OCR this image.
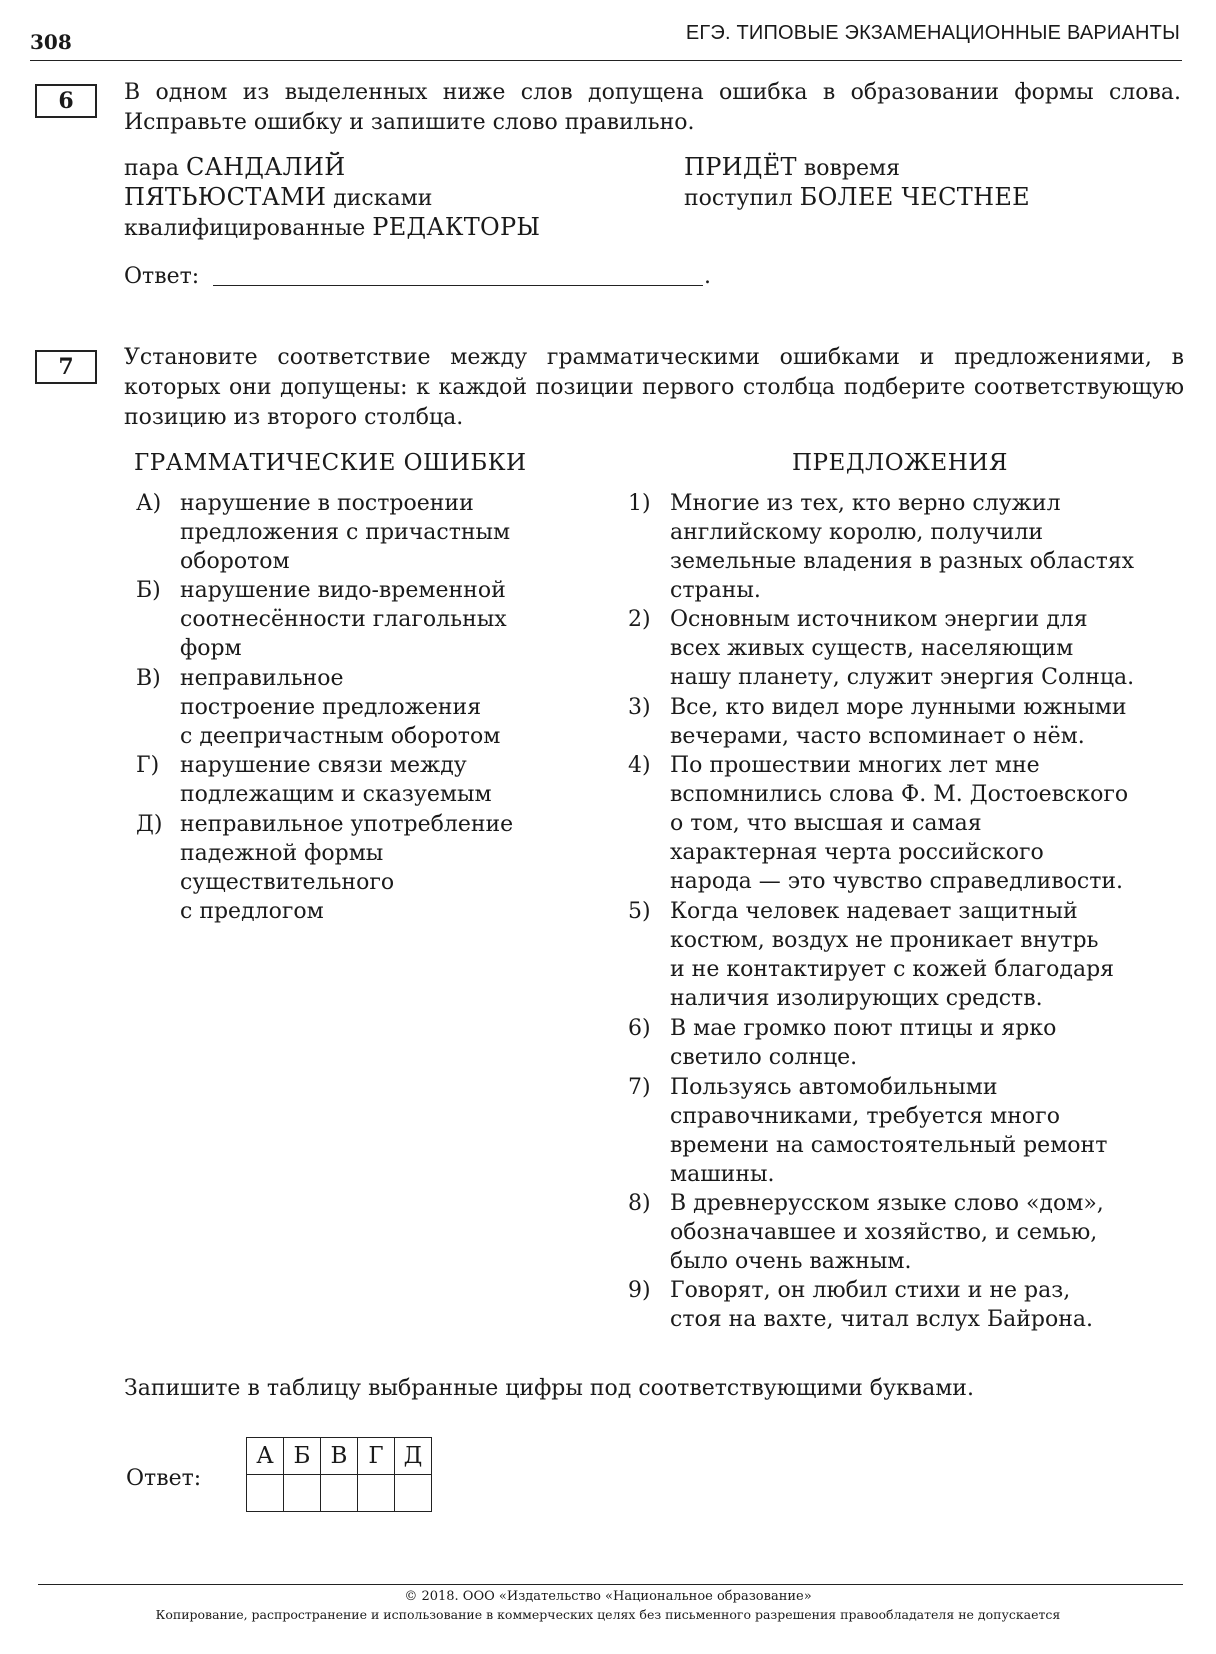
308	ЕГЭ. ТИПОВЫЕ ЭКЗАМЕНАЦИОННЫЕ ВАРИАНТЫ
6	В одном из выделенных ниже слов допущена ошибка в образовании формы слова. Исправьте ошибку и запишите слово правильно.
пара САНДАЛИЙ
ПЯТЬЮСТАМИ дисками
квалифицированные РЕДАКТОРЫ
ПРИДЁТ вовремя
поступил БОЛЕЕ ЧЕСТНЕЕ
Ответ:	.
7	Установите соответствие между грамматическими ошибками и предложениями, в которых они допущены: к каждой позиции первого столбца подберите соответствующую позицию из второго столбца.
ГРАММАТИЧЕСКИЕ ОШИБКИ	ПРЕДЛОЖЕНИЯ
А) нарушение в построении
предложения с причастным
оборотом
Б) нарушение видо-временной
соотнесённости глагольных
форм
В) неправильное
построение предложения
с деепричастным оборотом
Г) нарушение связи между
подлежащим и сказуемым
Д) неправильное употребление
падежной формы
существительного
с предлогом
1) Многие из тех, кто верно служил
английскому королю, получили
земельные владения в разных областях
страны.
2) Основным источником энергии для
всех живых существ, населяющим
нашу планету, служит энергия Солнца.
3) Все, кто видел море лунными южными
вечерами, часто вспоминает о нём.
4) По прошествии многих лет мне
вспомнились слова Ф. М. Достоевского
о том, что высшая и самая
характерная черта российского
народа — это чувство справедливости.
5) Когда человек надевает защитный
костюм, воздух не проникает внутрь
и не контактирует с кожей благодаря
наличия изолирующих средств.
6) В мае громко поют птицы и ярко
светило солнце.
7) Пользуясь автомобильными
справочниками, требуется много
времени на самостоятельный ремонт
машины.
8) В древнерусском языке слово «дом»,
обозначавшее и хозяйство, и семью,
было очень важным.
9) Говорят, он любил стихи и не раз,
стоя на вахте, читал вслух Байрона.
Запишите в таблицу выбранные цифры под соответствующими буквами.
Ответ:
А	Б	В	Г	Д

© 2018. ООО «Издательство «Национальное образование»
Копирование, распространение и использование в коммерческих целях без письменного разрешения правообладателя не допускается
